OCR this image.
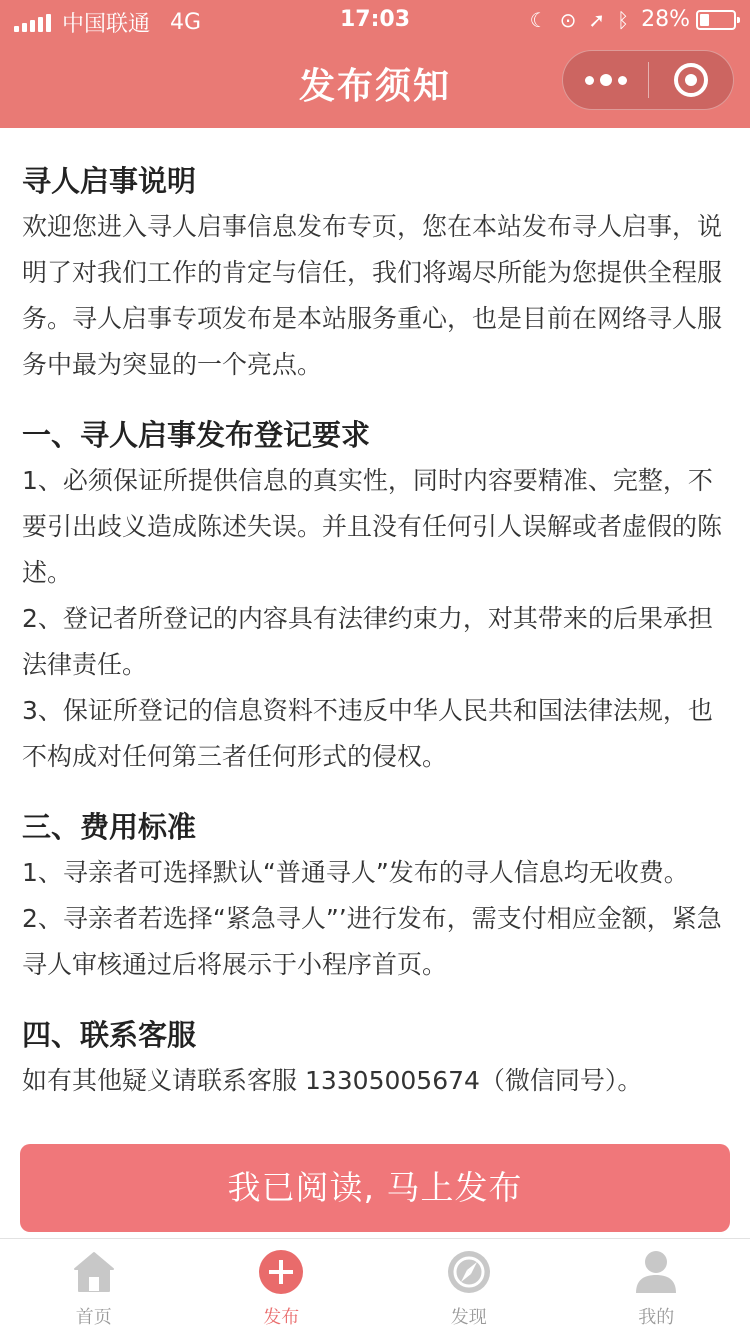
中国联通 4G	17:03	☾ ⊙ ➚ ᛒ 28%
发布须知
寻人启事说明

欢迎您进入寻人启事信息发布专页，您在本站发布寻人启事，说明了对我们工作的肯定与信任，我们将竭尽所能为您提供全程服务。寻人启事专项发布是本站服务重心，也是目前在网络寻人服务中最为突显的一个亮点。

一、寻人启事发布登记要求

1、必须保证所提供信息的真实性，同时内容要精准、完整，不要引出歧义造成陈述失误。并且没有任何引人误解或者虚假的陈述。

2、登记者所登记的内容具有法律约束力，对其带来的后果承担法律责任。

3、保证所登记的信息资料不违反中华人民共和国法律法规，也不构成对任何第三者任何形式的侵权。

三、费用标准

1、寻亲者可选择默认“普通寻人”发布的寻人信息均无收费。

2、寻亲者若选择“紧急寻人”’进行发布，需支付相应金额，紧急寻人审核通过后将展示于小程序首页。

四、联系客服

如有其他疑义请联系客服 13305005674（微信同号）。

我已阅读, 马上发布
首页	发布	发现	我的
